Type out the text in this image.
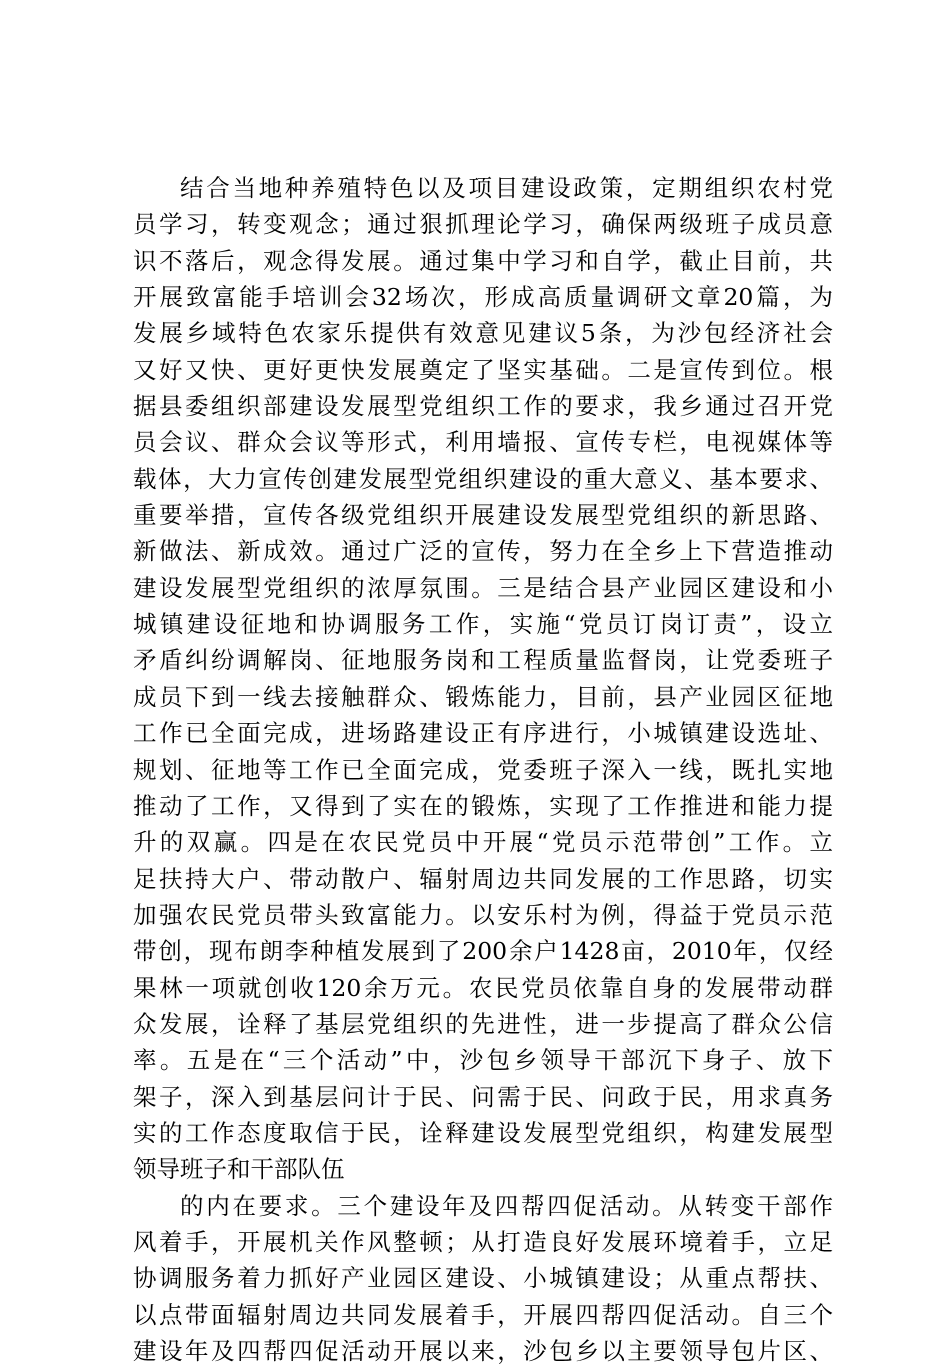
结合当地种养殖特色以及项目建设政策，定期组织农村党
员学习，转变观念；通过狠抓理论学习，确保两级班子成员意
识不落后，观念得发展。通过集中学习和自学，截止目前，共
开展致富能手培训会32场次，形成高质量调研文章20篇，为
发展乡域特色农家乐提供有效意见建议5条，为沙包经济社会
又好又快、更好更快发展奠定了坚实基础。二是宣传到位。根
据县委组织部建设发展型党组织工作的要求，我乡通过召开党
员会议、群众会议等形式，利用墙报、宣传专栏，电视媒体等
载体，大力宣传创建发展型党组织建设的重大意义、基本要求、
重要举措，宣传各级党组织开展建设发展型党组织的新思路、
新做法、新成效。通过广泛的宣传，努力在全乡上下营造推动
建设发展型党组织的浓厚氛围。三是结合县产业园区建设和小
城镇建设征地和协调服务工作，实施“党员订岗订责”，设立
矛盾纠纷调解岗、征地服务岗和工程质量监督岗，让党委班子
成员下到一线去接触群众、锻炼能力，目前，县产业园区征地
工作已全面完成，进场路建设正有序进行，小城镇建设选址、
规划、征地等工作已全面完成，党委班子深入一线，既扎实地
推动了工作，又得到了实在的锻炼，实现了工作推进和能力提
升的双赢。四是在农民党员中开展“党员示范带创”工作。立
足扶持大户、带动散户、辐射周边共同发展的工作思路，切实
加强农民党员带头致富能力。以安乐村为例，得益于党员示范
带创，现布朗李种植发展到了200余户1428亩，2010年，仅经
果林一项就创收120余万元。农民党员依靠自身的发展带动群
众发展，诠释了基层党组织的先进性，进一步提高了群众公信
率。五是在“三个活动”中，沙包乡领导干部沉下身子、放下
架子，深入到基层问计于民、问需于民、问政于民，用求真务
实的工作态度取信于民，诠释建设发展型党组织，构建发展型
领导班子和干部队伍
的内在要求。三个建设年及四帮四促活动。从转变干部作
风着手，开展机关作风整顿；从打造良好发展环境着手，立足
协调服务着力抓好产业园区建设、小城镇建设；从重点帮扶、
以点带面辐射周边共同发展着手，开展四帮四促活动。自三个
建设年及四帮四促活动开展以来，沙包乡以主要领导包片区、
